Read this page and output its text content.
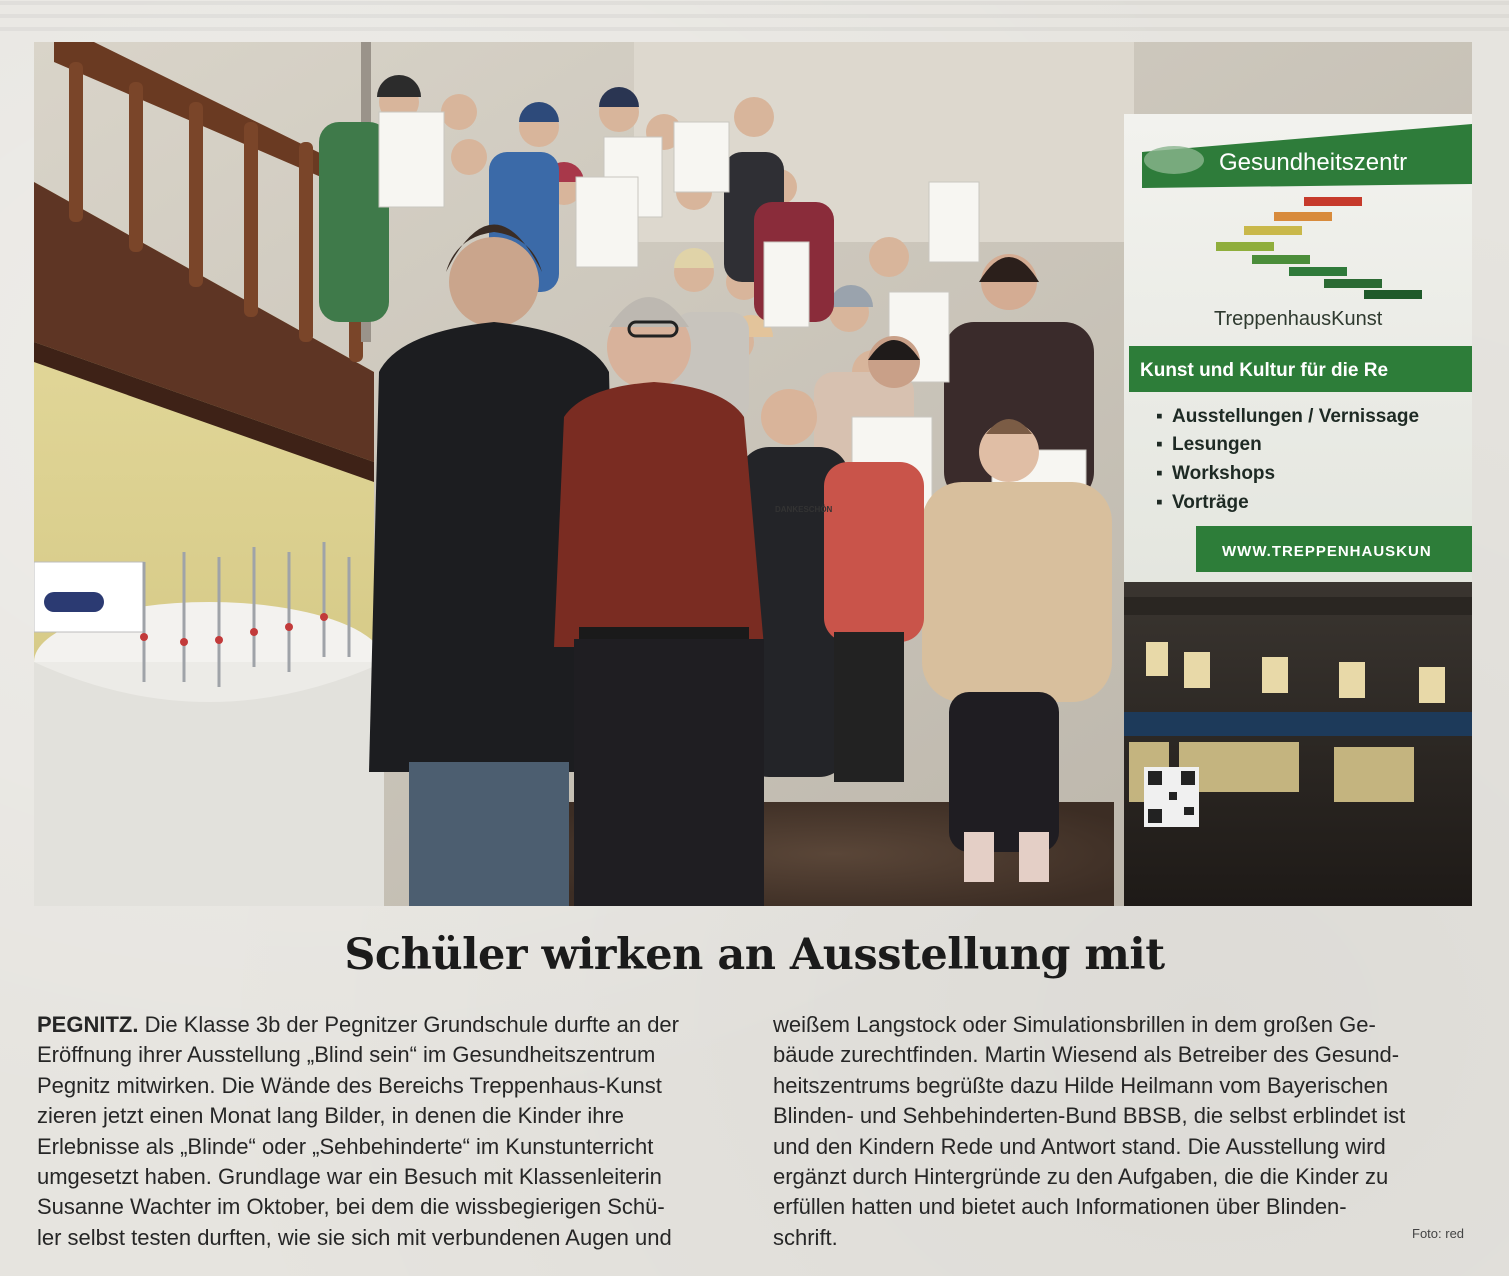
Gesundheitszentr
TreppenhausKunst
Kunst und Kultur für die Re
▪ Ausstellungen / Vernissage
▪ Lesungen
▪ Workshops
▪ Vorträge
WWW.TREPPENHAUSKUN
DANKESCHÖN
Schüler wirken an Ausstellung mit
PEGNITZ. Die Klasse 3b der Pegnitzer Grundschule durfte an der
Eröffnung ihrer Ausstellung „Blind sein“ im Gesundheitszentrum
Pegnitz mitwirken. Die Wände des Bereichs Treppenhaus-Kunst
zieren jetzt einen Monat lang Bilder, in denen die Kinder ihre
Erlebnisse als „Blinde“ oder „Sehbehinderte“ im Kunstunterricht
umgesetzt haben. Grundlage war ein Besuch mit Klassenleiterin
Susanne Wachter im Oktober, bei dem die wissbegierigen Schü-
ler selbst testen durften, wie sie sich mit verbundenen Augen und
weißem Langstock oder Simulationsbrillen in dem großen Ge-
bäude zurechtfinden. Martin Wiesend als Betreiber des Gesund-
heitszentrums begrüßte dazu Hilde Heilmann vom Bayerischen
Blinden- und Sehbehinderten-Bund BBSB, die selbst erblindet ist
und den Kindern Rede und Antwort stand. Die Ausstellung wird
ergänzt durch Hintergründe zu den Aufgaben, die die Kinder zu
erfüllen hatten und bietet auch Informationen über Blinden-
schrift.	Foto: red
